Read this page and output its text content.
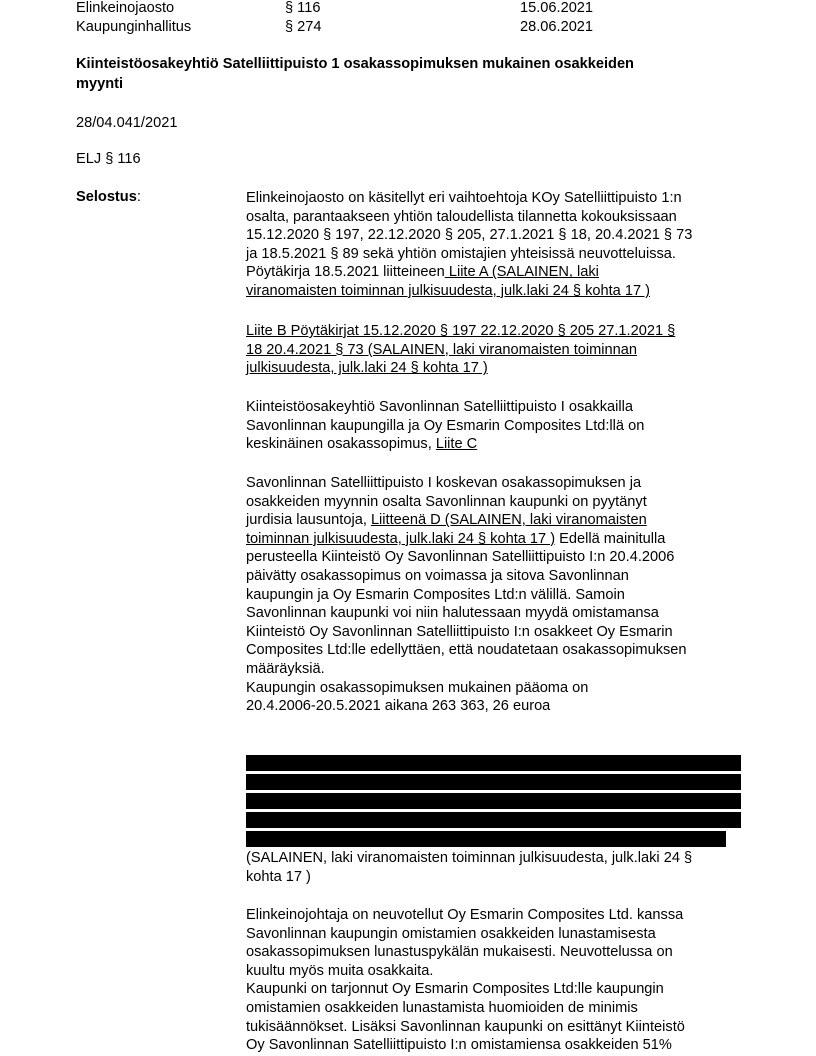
Elinkeinojaosto	§ 116	15.06.2021
Kaupunginhallitus	§ 274	28.06.2021
Kiinteistöosakeyhtiö Satelliittipuisto 1 osakassopimuksen mukainen osakkeiden
myynti
28/04.041/2021
ELJ § 116
Selostus:	Elinkeinojaosto on käsitellyt eri vaihtoehtoja KOy Satelliittipuisto 1:n

osalta, parantaakseen yhtiön taloudellista tilannetta kokouksissaan

15.12.2020 § 197, 22.12.2020 § 205, 27.1.2021 § 18, 20.4.2021 § 73

ja 18.5.2021 § 89 sekä yhtiön omistajien yhteisissä neuvotteluissa.

Pöytäkirja 18.5.2021 liitteineen Liite A (SALAINEN, laki

viranomaisten toiminnan julkisuudesta, julk.laki 24 § kohta 17 )

Liite B Pöytäkirjat 15.12.2020 § 197 22.12.2020 § 205 27.1.2021 §

18 20.4.2021 § 73 (SALAINEN, laki viranomaisten toiminnan

julkisuudesta, julk.laki 24 § kohta 17 )

Kiinteistöosakeyhtiö Savonlinnan Satelliittipuisto I osakkailla

Savonlinnan kaupungilla ja Oy Esmarin Composites Ltd:llä on

keskinäinen osakassopimus, Liite C

Savonlinnan Satelliittipuisto I koskevan osakassopimuksen ja

osakkeiden myynnin osalta Savonlinnan kaupunki on pyytänyt

jurdisia lausuntoja, Liitteenä D (SALAINEN, laki viranomaisten

toiminnan julkisuudesta, julk.laki 24 § kohta 17 ) Edellä mainitulla

perusteella Kiinteistö Oy Savonlinnan Satelliittipuisto I:n 20.4.2006

päivätty osakassopimus on voimassa ja sitova Savonlinnan

kaupungin ja Oy Esmarin Composites Ltd:n välillä. Samoin

Savonlinnan kaupunki voi niin halutessaan myydä omistamansa

Kiinteistö Oy Savonlinnan Satelliittipuisto I:n osakkeet Oy Esmarin

Composites Ltd:lle edellyttäen, että noudatetaan osakassopimuksen

määräyksiä.

Kaupungin osakassopimuksen mukainen pääoma on

20.4.2006-20.5.2021 aikana 263 363, 26 euroa

(SALAINEN, laki viranomaisten toiminnan julkisuudesta, julk.laki 24 §

kohta 17 )

Elinkeinojohtaja on neuvotellut Oy Esmarin Composites Ltd. kanssa

Savonlinnan kaupungin omistamien osakkeiden lunastamisesta

osakassopimuksen lunastuspykälän mukaisesti. Neuvottelussa on

kuultu myös muita osakkaita.

Kaupunki on tarjonnut Oy Esmarin Composites Ltd:lle kaupungin

omistamien osakkeiden lunastamista huomioiden de minimis

tukisäännökset. Lisäksi Savonlinnan kaupunki on esittänyt Kiinteistö

Oy Savonlinnan Satelliittipuisto I:n omistamiensa osakkeiden 51%
